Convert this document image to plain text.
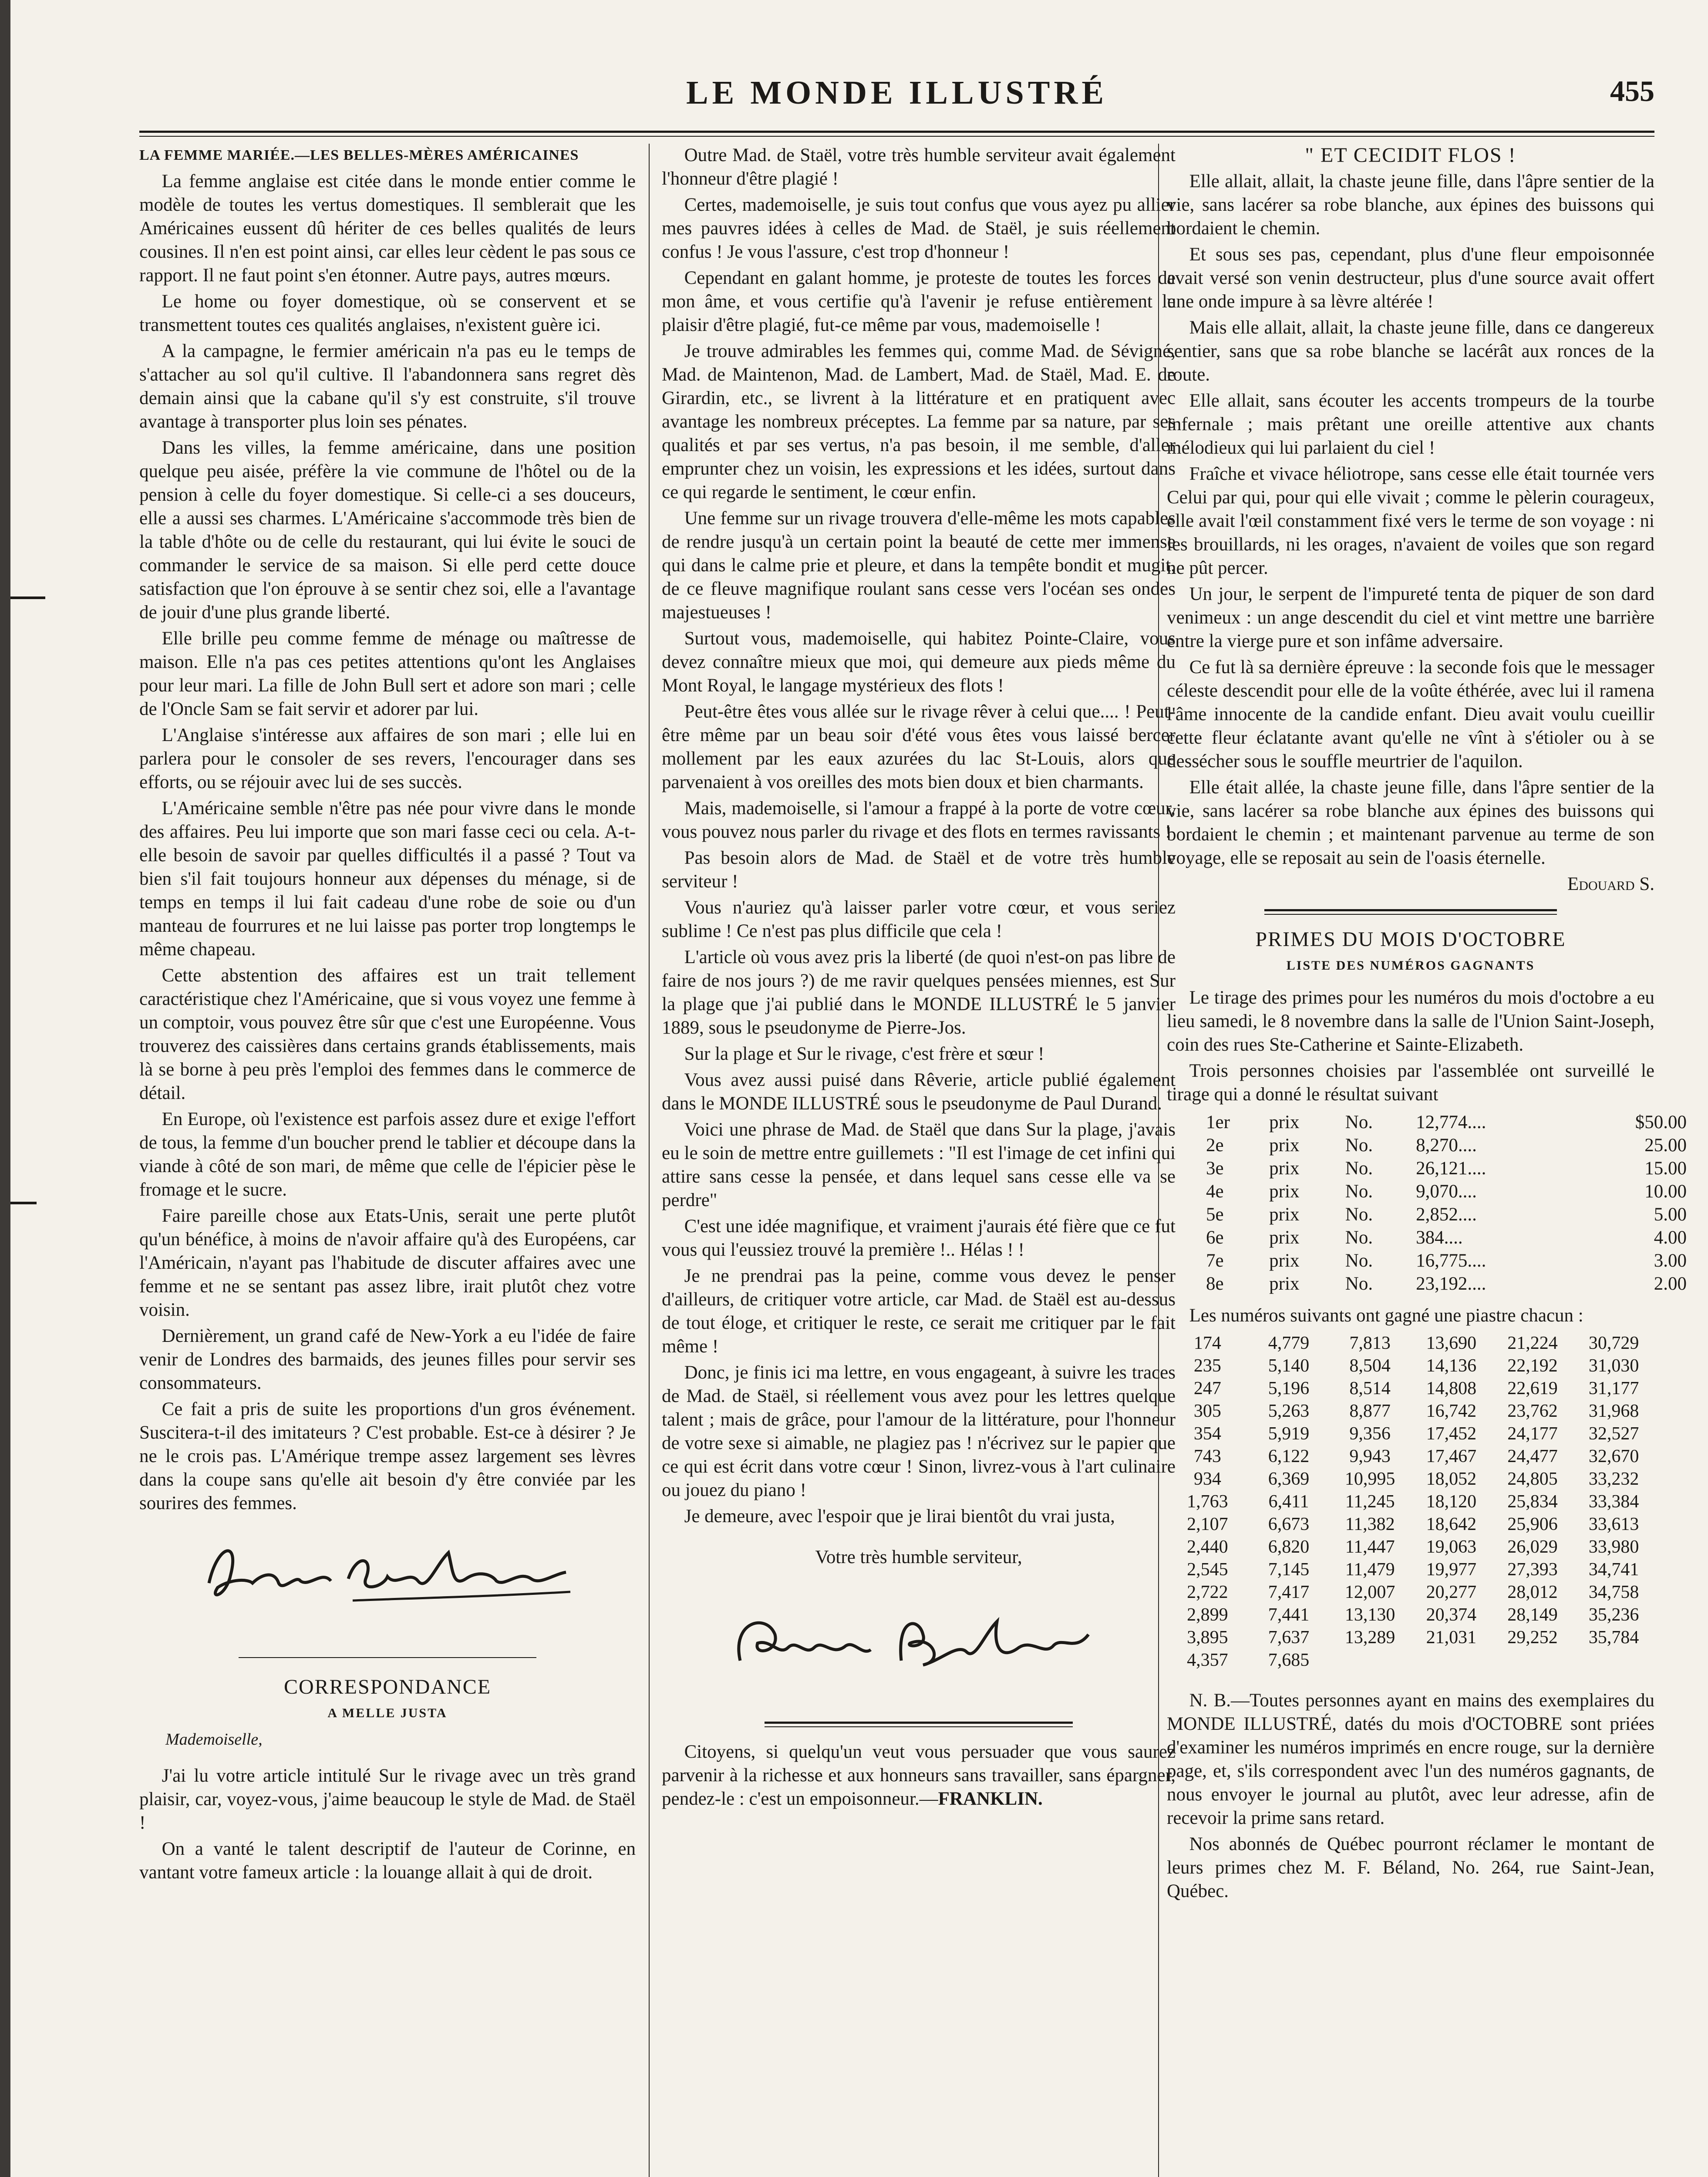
LE MONDE ILLUSTRÉ	455

LA FEMME MARIÉE.—LES BELLES-MÈRES AMÉRICAINES

La femme anglaise est citée dans le monde entier comme le modèle de toutes les vertus domestiques. Il semblerait que les Américaines eussent dû hériter de ces belles qualités de leurs cousines. Il n'en est point ainsi, car elles leur cèdent le pas sous ce rapport. Il ne faut point s'en étonner. Autre pays, autres mœurs.

Le home ou foyer domestique, où se conservent et se transmettent toutes ces qualités anglaises, n'existent guère ici.

A la campagne, le fermier américain n'a pas eu le temps de s'attacher au sol qu'il cultive. Il l'abandonnera sans regret dès demain ainsi que la cabane qu'il s'y est construite, s'il trouve avantage à transporter plus loin ses pénates.

Dans les villes, la femme américaine, dans une position quelque peu aisée, préfère la vie commune de l'hôtel ou de la pension à celle du foyer domestique. Si celle-ci a ses douceurs, elle a aussi ses charmes. L'Américaine s'accommode très bien de la table d'hôte ou de celle du restaurant, qui lui évite le souci de commander le service de sa maison. Si elle perd cette douce satisfaction que l'on éprouve à se sentir chez soi, elle a l'avantage de jouir d'une plus grande liberté.

Elle brille peu comme femme de ménage ou maîtresse de maison. Elle n'a pas ces petites attentions qu'ont les Anglaises pour leur mari. La fille de John Bull sert et adore son mari ; celle de l'Oncle Sam se fait servir et adorer par lui.

L'Anglaise s'intéresse aux affaires de son mari ; elle lui en parlera pour le consoler de ses revers, l'encourager dans ses efforts, ou se réjouir avec lui de ses succès.

L'Américaine semble n'être pas née pour vivre dans le monde des affaires. Peu lui importe que son mari fasse ceci ou cela. A-t-elle besoin de savoir par quelles difficultés il a passé ? Tout va bien s'il fait toujours honneur aux dépenses du ménage, si de temps en temps il lui fait cadeau d'une robe de soie ou d'un manteau de fourrures et ne lui laisse pas porter trop longtemps le même chapeau.

Cette abstention des affaires est un trait tellement caractéristique chez l'Américaine, que si vous voyez une femme à un comptoir, vous pouvez être sûr que c'est une Européenne. Vous trouverez des caissières dans certains grands établissements, mais là se borne à peu près l'emploi des femmes dans le commerce de détail.

En Europe, où l'existence est parfois assez dure et exige l'effort de tous, la femme d'un boucher prend le tablier et découpe dans la viande à côté de son mari, de même que celle de l'épicier pèse le fromage et le sucre.

Faire pareille chose aux Etats-Unis, serait une perte plutôt qu'un bénéfice, à moins de n'avoir affaire qu'à des Européens, car l'Américain, n'ayant pas l'habitude de discuter affaires avec une femme et ne se sentant pas assez libre, irait plutôt chez votre voisin.

Dernièrement, un grand café de New-York a eu l'idée de faire venir de Londres des barmaids, des jeunes filles pour servir ses consommateurs.

Ce fait a pris de suite les proportions d'un gros événement. Suscitera-t-il des imitateurs ? C'est probable. Est-ce à désirer ? Je ne le crois pas. L'Amérique trempe assez largement ses lèvres dans la coupe sans qu'elle ait besoin d'y être conviée par les sourires des femmes.

CORRESPONDANCE

A MELLE JUSTA

Mademoiselle,

J'ai lu votre article intitulé Sur le rivage avec un très grand plaisir, car, voyez-vous, j'aime beaucoup le style de Mad. de Staël !

On a vanté le talent descriptif de l'auteur de Corinne, en vantant votre fameux article : la louange allait à qui de droit.

Outre Mad. de Staël, votre très humble serviteur avait également l'honneur d'être plagié !

Certes, mademoiselle, je suis tout confus que vous ayez pu allier mes pauvres idées à celles de Mad. de Staël, je suis réellement confus ! Je vous l'assure, c'est trop d'honneur !

Cependant en galant homme, je proteste de toutes les forces de mon âme, et vous certifie qu'à l'avenir je refuse entièrement le plaisir d'être plagié, fut-ce même par vous, mademoiselle !

Je trouve admirables les femmes qui, comme Mad. de Sévigné, Mad. de Maintenon, Mad. de Lambert, Mad. de Staël, Mad. E. de Girardin, etc., se livrent à la littérature et en pratiquent avec avantage les nombreux préceptes. La femme par sa nature, par ses qualités et par ses vertus, n'a pas besoin, il me semble, d'aller emprunter chez un voisin, les expressions et les idées, surtout dans ce qui regarde le sentiment, le cœur enfin.

Une femme sur un rivage trouvera d'elle-même les mots capables de rendre jusqu'à un certain point la beauté de cette mer immense qui dans le calme prie et pleure, et dans la tempête bondit et mugit, de ce fleuve magnifique roulant sans cesse vers l'océan ses ondes majestueuses !

Surtout vous, mademoiselle, qui habitez Pointe-Claire, vous devez connaître mieux que moi, qui demeure aux pieds même du Mont Royal, le langage mystérieux des flots !

Peut-être êtes vous allée sur le rivage rêver à celui que.... ! Peut-être même par un beau soir d'été vous êtes vous laissé bercer mollement par les eaux azurées du lac St-Louis, alors que parvenaient à vos oreilles des mots bien doux et bien charmants.

Mais, mademoiselle, si l'amour a frappé à la porte de votre cœur, vous pouvez nous parler du rivage et des flots en termes ravissants !

Pas besoin alors de Mad. de Staël et de votre très humble serviteur !

Vous n'auriez qu'à laisser parler votre cœur, et vous seriez sublime ! Ce n'est pas plus difficile que cela !

L'article où vous avez pris la liberté (de quoi n'est-on pas libre de faire de nos jours ?) de me ravir quelques pensées miennes, est Sur la plage que j'ai publié dans le MONDE ILLUSTRÉ le 5 janvier 1889, sous le pseudonyme de Pierre-Jos.

Sur la plage et Sur le rivage, c'est frère et sœur !

Vous avez aussi puisé dans Rêverie, article publié également dans le MONDE ILLUSTRÉ sous le pseudonyme de Paul Durand.

Voici une phrase de Mad. de Staël que dans Sur la plage, j'avais eu le soin de mettre entre guillemets : "Il est l'image de cet infini qui attire sans cesse la pensée, et dans lequel sans cesse elle va se perdre"

C'est une idée magnifique, et vraiment j'aurais été fière que ce fut vous qui l'eussiez trouvé la première !.. Hélas ! !

Je ne prendrai pas la peine, comme vous devez le penser d'ailleurs, de critiquer votre article, car Mad. de Staël est au-dessus de tout éloge, et critiquer le reste, ce serait me critiquer par le fait même !

Donc, je finis ici ma lettre, en vous engageant, à suivre les traces de Mad. de Staël, si réellement vous avez pour les lettres quelque talent ; mais de grâce, pour l'amour de la littérature, pour l'honneur de votre sexe si aimable, ne plagiez pas ! n'écrivez sur le papier que ce qui est écrit dans votre cœur ! Sinon, livrez-vous à l'art culinaire ou jouez du piano !

Je demeure, avec l'espoir que je lirai bientôt du vrai justa,

Votre très humble serviteur,

Citoyens, si quelqu'un veut vous persuader que vous saurez parvenir à la richesse et aux honneurs sans travailler, sans épargner, pendez-le : c'est un empoisonneur.—FRANKLIN.

" ET CECIDIT FLOS !

Elle allait, allait, la chaste jeune fille, dans l'âpre sentier de la vie, sans lacérer sa robe blanche, aux épines des buissons qui bordaient le chemin.

Et sous ses pas, cependant, plus d'une fleur empoisonnée avait versé son venin destructeur, plus d'une source avait offert une onde impure à sa lèvre altérée !

Mais elle allait, allait, la chaste jeune fille, dans ce dangereux sentier, sans que sa robe blanche se lacérât aux ronces de la route.

Elle allait, sans écouter les accents trompeurs de la tourbe infernale ; mais prêtant une oreille attentive aux chants mélodieux qui lui parlaient du ciel !

Fraîche et vivace héliotrope, sans cesse elle était tournée vers Celui par qui, pour qui elle vivait ; comme le pèlerin courageux, elle avait l'œil constamment fixé vers le terme de son voyage : ni les brouillards, ni les orages, n'avaient de voiles que son regard ne pût percer.

Un jour, le serpent de l'impureté tenta de piquer de son dard venimeux : un ange descendit du ciel et vint mettre une barrière entre la vierge pure et son infâme adversaire.

Ce fut là sa dernière épreuve : la seconde fois que le messager céleste descendit pour elle de la voûte éthérée, avec lui il ramena l'âme innocente de la candide enfant. Dieu avait voulu cueillir cette fleur éclatante avant qu'elle ne vînt à s'étioler ou à se dessécher sous le souffle meurtrier de l'aquilon.

Elle était allée, la chaste jeune fille, dans l'âpre sentier de la vie, sans lacérer sa robe blanche aux épines des buissons qui bordaient le chemin ; et maintenant parvenue au terme de son voyage, elle se reposait au sein de l'oasis éternelle.

Edouard S.

PRIMES DU MOIS D'OCTOBRE

LISTE DES NUMÉROS GAGNANTS

Le tirage des primes pour les numéros du mois d'octobre a eu lieu samedi, le 8 novembre dans la salle de l'Union Saint-Joseph, coin des rues Ste-Catherine et Sainte-Elizabeth.

Trois personnes choisies par l'assemblée ont surveillé le tirage qui a donné le résultat suivant

1er	prix	No.	12,774....	$50.00
2e	prix	No.	8,270....	25.00
3e	prix	No.	26,121....	15.00
4e	prix	No.	9,070....	10.00
5e	prix	No.	2,852....	5.00
6e	prix	No.	384....	4.00
7e	prix	No.	16,775....	3.00
8e	prix	No.	23,192....	2.00

Les numéros suivants ont gagné une piastre chacun :

174	4,779	7,813	13,690	21,224	30,729
235	5,140	8,504	14,136	22,192	31,030
247	5,196	8,514	14,808	22,619	31,177
305	5,263	8,877	16,742	23,762	31,968
354	5,919	9,356	17,452	24,177	32,527
743	6,122	9,943	17,467	24,477	32,670
934	6,369	10,995	18,052	24,805	33,232
1,763	6,411	11,245	18,120	25,834	33,384
2,107	6,673	11,382	18,642	25,906	33,613
2,440	6,820	11,447	19,063	26,029	33,980
2,545	7,145	11,479	19,977	27,393	34,741
2,722	7,417	12,007	20,277	28,012	34,758
2,899	7,441	13,130	20,374	28,149	35,236
3,895	7,637	13,289	21,031	29,252	35,784
4,357	7,685

N. B.—Toutes personnes ayant en mains des exemplaires du MONDE ILLUSTRÉ, datés du mois d'OCTOBRE sont priées d'examiner les numéros imprimés en encre rouge, sur la dernière page, et, s'ils correspondent avec l'un des numéros gagnants, de nous envoyer le journal au plutôt, avec leur adresse, afin de recevoir la prime sans retard.

Nos abonnés de Québec pourront réclamer le montant de leurs primes chez M. F. Béland, No. 264, rue Saint-Jean, Québec.
